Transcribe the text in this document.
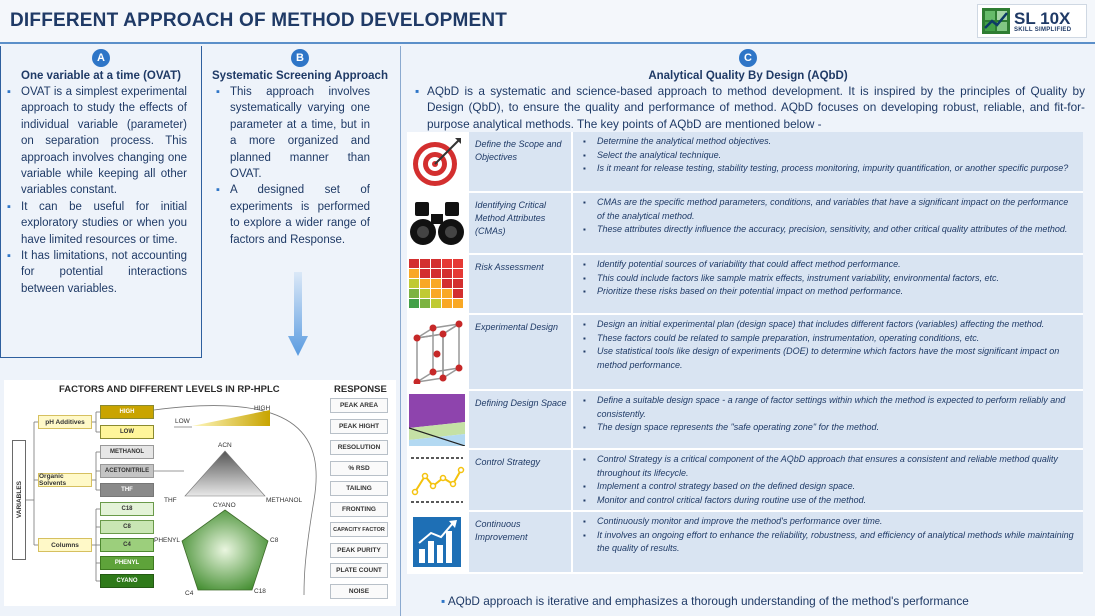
DIFFERENT APPROACH OF METHOD DEVELOPMENT	SL 10X
SKILL SIMPLIFIED
A
One variable at a time (OVAT)
▪ OVAT is a simplest experimental approach to study the effects of individual variable (parameter) on separation process. This approach involves changing one variable while keeping all other variables constant.
▪ It can be useful for initial exploratory studies or when you have limited resources or time.
▪ It has limitations, not accounting for potential interactions between variables.
B
Systematic Screening Approach
▪ This approach involves systematically varying one parameter at a time, but in a more organized and planned manner than OVAT.
▪ A designed set of experiments is performed to explore a wider range of factors and Response.
FACTORS AND DIFFERENT LEVELS IN RP-HPLC	RESPONSE
VARIABLES
pH Additives
Organic Solvents
Columns
HIGH
LOW
METHANOL
ACETONITRILE
THF
C18
C8
C4
PHENYL
CYANO
LOW
HIGH
ACN
THF	METHANOL
CYANO
C8
C18
C4
PHENYL
PEAK AREA
PEAK HIGHT
RESOLUTION
% RSD
TAILING
FRONTING
CAPACITY FACTOR
PEAK PURITY
PLATE COUNT
NOISE
C
Analytical Quality By Design (AQbD)
▪ AQbD is a systematic and science-based approach to method development. It is inspired by the principles of Quality by Design (QbD), to ensure the quality and performance of method. AQbD focuses on developing robust, reliable, and fit-for-purpose analytical methods. The key points of AQbD are mentioned below -
Define the Scope and Objectives
▪ Determine the analytical method objectives.
▪ Select the analytical technique.
▪ Is it meant for release testing, stability testing, process monitoring, impurity quantification, or another specific purpose?
Identifying Critical Method Attributes (CMAs)
▪ CMAs are the specific method parameters, conditions, and variables that have a significant impact on the performance of the analytical method.
▪ These attributes directly influence the accuracy, precision, sensitivity, and other critical quality attributes of the method.
Risk Assessment	▪ Identify potential sources of variability that could affect method performance.
▪ This could include factors like sample matrix effects, instrument variability, environmental factors, etc.
▪ Prioritize these risks based on their potential impact on method performance.
Experimental Design	▪ Design an initial experimental plan (design space) that includes different factors (variables) affecting the method.
▪ These factors could be related to sample preparation, instrumentation, operating conditions, etc.
▪ Use statistical tools like design of experiments (DOE) to determine which factors have the most significant impact on method performance.
Defining Design Space	▪ Define a suitable design space - a range of factor settings within which the method is expected to perform reliably and consistently.
▪ The design space represents the "safe operating zone" for the method.
Control Strategy	▪ Control Strategy is a critical component of the AQbD approach that ensures a consistent and reliable method quality throughout its lifecycle.
▪ Implement a control strategy based on the defined design space.
▪ Monitor and control critical factors during routine use of the method.
Continuous Improvement
▪ Continuously monitor and improve the method's performance over time.
▪ It involves an ongoing effort to enhance the reliability, robustness, and efficiency of analytical methods while maintaining the quality of results.
▪ AQbD approach is iterative and emphasizes a thorough understanding of the method's performance
